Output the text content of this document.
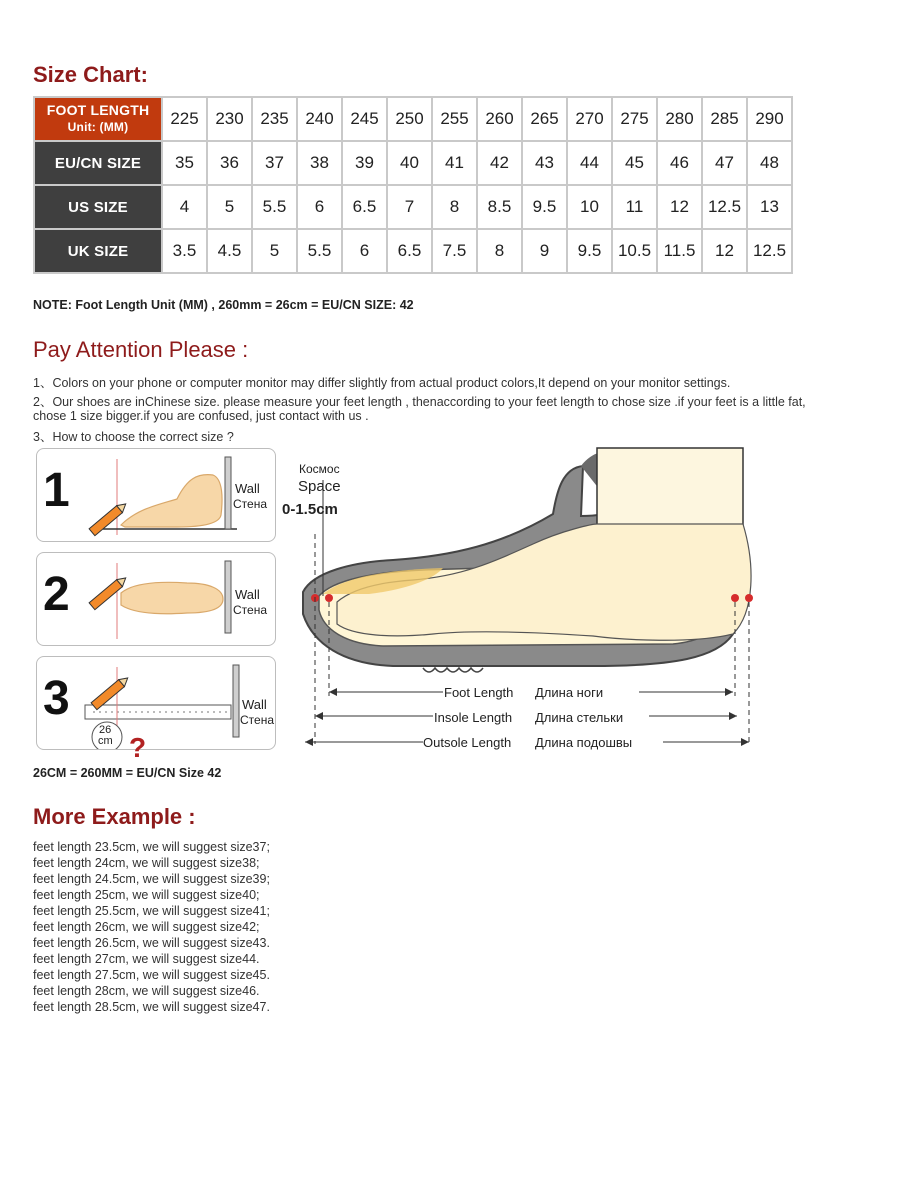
Size Chart:
FOOT LENGTH
Unit: (MM)	225	230	235	240	245	250	255	260	265	270	275	280	285	290
EU/CN SIZE	35	36	37	38	39	40	41	42	43	44	45	46	47	48
US SIZE	4	5	5.5	6	6.5	7	8	8.5	9.5	10	11	12	12.5	13
UK SIZE	3.5	4.5	5	5.5	6	6.5	7.5	8	9	9.5	10.5	11.5	12	12.5

NOTE: Foot Length Unit (MM) , 260mm = 26cm = EU/CN SIZE: 42

Pay Attention Please :

1、Colors on your phone or computer monitor may differ slightly from actual product colors,It depend on your monitor settings.

2、Our shoes are inChinese size. please measure your feet length , thenaccording to your feet length to chose size .if your feet is a little fat,

chose 1 size bigger.if you are confused, just contact with us .

3、How to choose the correct size ?

1	Wall
Стена
2	Wall
Стена
3	Wall
Стена
26
cm ?
Космос
Space
0-1.5cm
Foot Length Длина ноги
Insole Length Длина стельки
Outsole Length Длина подошвы

26CM = 260MM = EU/CN Size 42

More Example :
feet length 23.5cm, we will suggest size37;
feet length 24cm, we will suggest size38;
feet length 24.5cm, we will suggest size39;
feet length 25cm, we will suggest size40;
feet length 25.5cm, we will suggest size41;
feet length 26cm, we will suggest size42;
feet length 26.5cm, we will suggest size43.
feet length 27cm, we will suggest size44.
feet length 27.5cm, we will suggest size45.
feet length 28cm, we will suggest size46.
feet length 28.5cm, we will suggest size47.
